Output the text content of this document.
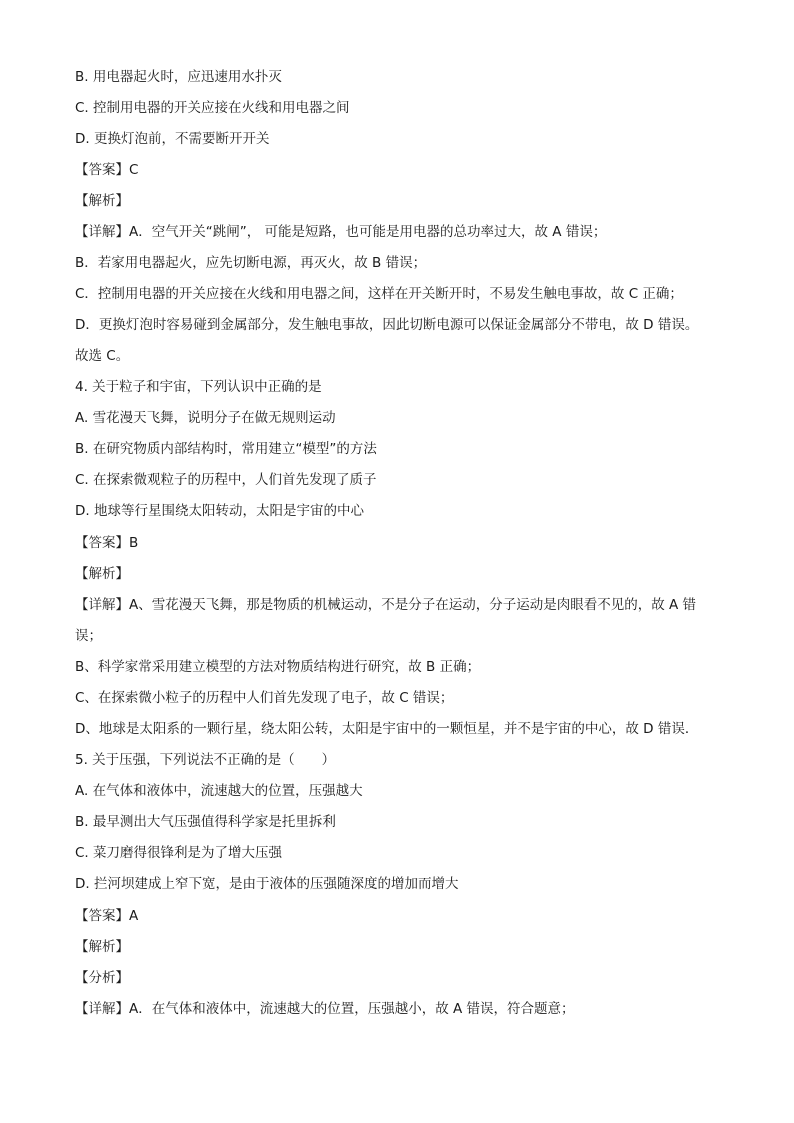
B. 用电器起火时，应迅速用水扑灭
C. 控制用电器的开关应接在火线和用电器之间
D. 更换灯泡前，不需要断开开关
【答案】C
【解析】
【详解】A．空气开关“跳闸”， 可能是短路，也可能是用电器的总功率过大，故 A 错误；
B．若家用电器起火，应先切断电源，再灭火，故 B 错误；
C．控制用电器的开关应接在火线和用电器之间，这样在开关断开时，不易发生触电事故，故 C 正确；
D．更换灯泡时容易碰到金属部分，发生触电事故，因此切断电源可以保证金属部分不带电，故 D 错误。
故选 C。
4. 关于粒子和宇宙，下列认识中正确的是
A. 雪花漫天飞舞，说明分子在做无规则运动
B. 在研究物质内部结构时，常用建立“模型”的方法
C. 在探索微观粒子的历程中，人们首先发现了质子
D. 地球等行星围绕太阳转动，太阳是宇宙的中心
【答案】B
【解析】
【详解】A、雪花漫天飞舞，那是物质的机械运动，不是分子在运动，分子运动是肉眼看不见的，故 A 错
误；
B、科学家常采用建立模型的方法对物质结构进行研究，故 B 正确；
C、在探索微小粒子的历程中人们首先发现了电子，故 C 错误；
D、地球是太阳系的一颗行星，绕太阳公转，太阳是宇宙中的一颗恒星，并不是宇宙的中心，故 D 错误．
5. 关于压强，下列说法不正确的是（　　）
A. 在气体和液体中，流速越大的位置，压强越大
B. 最早测出大气压强值得科学家是托里拆利
C. 菜刀磨得很锋利是为了增大压强
D. 拦河坝建成上窄下宽，是由于液体的压强随深度的增加而增大
【答案】A
【解析】
【分析】
【详解】A．在气体和液体中，流速越大的位置，压强越小，故 A 错误，符合题意；
